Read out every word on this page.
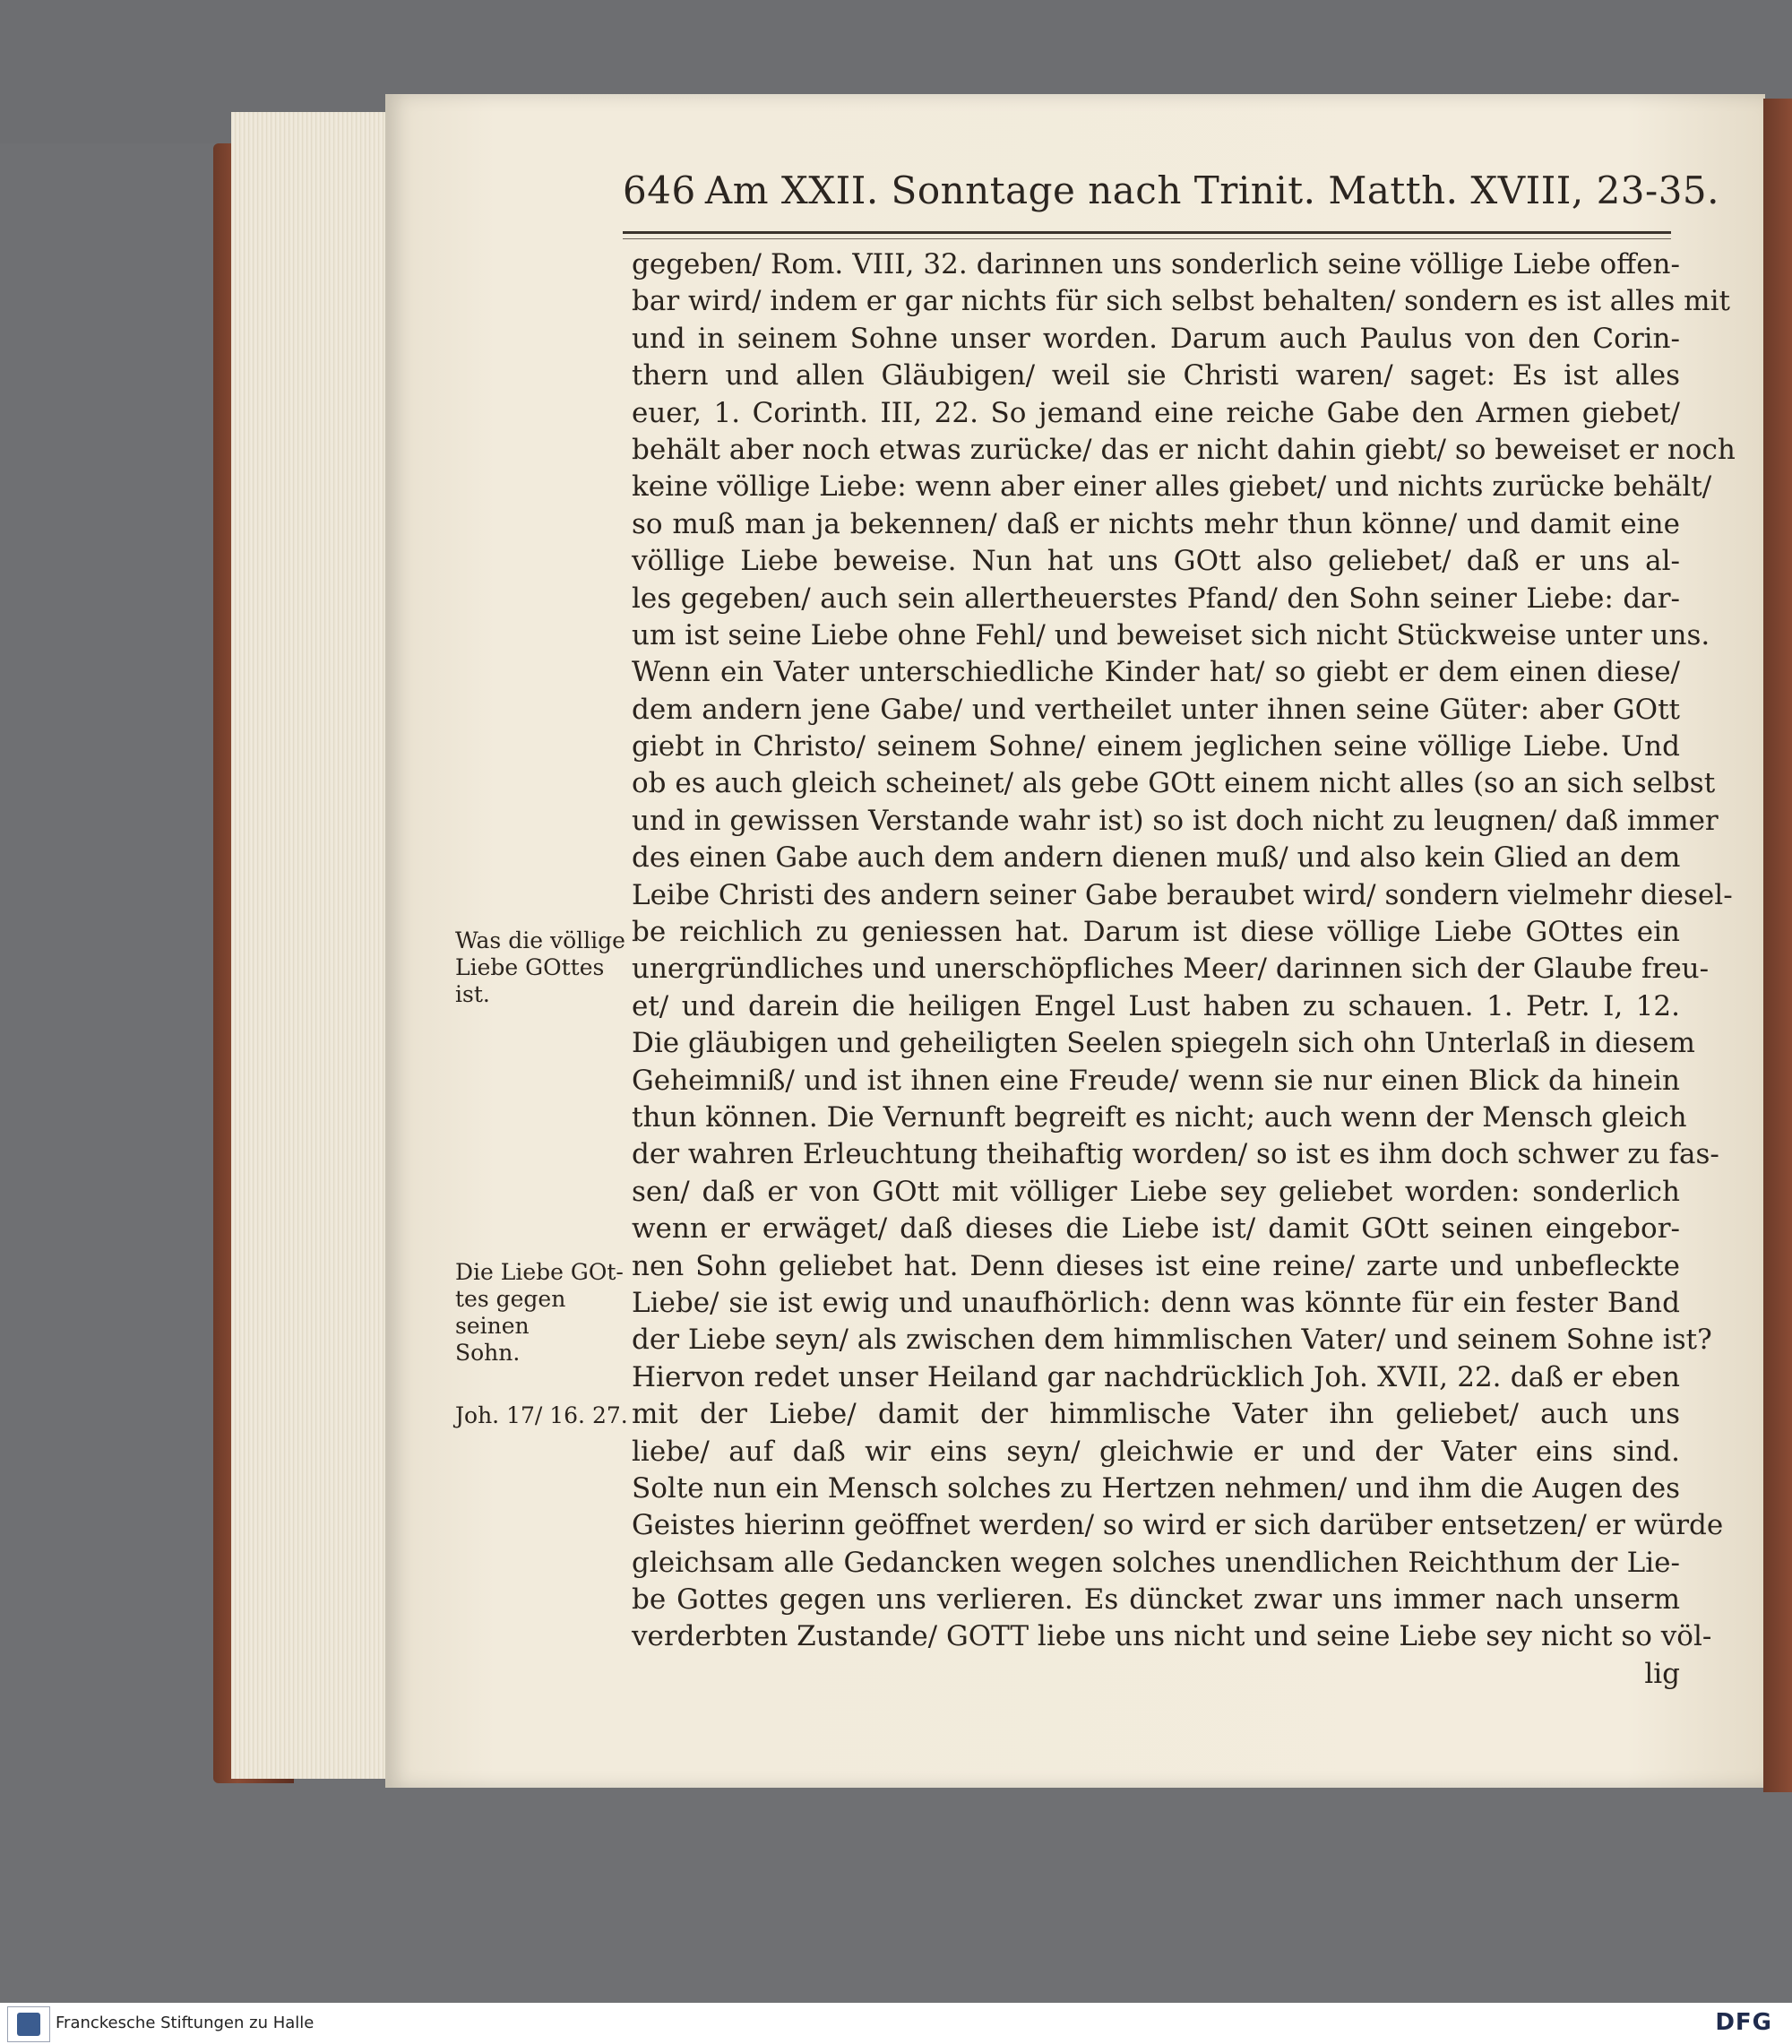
646 Am XXII. Sonntage nach Trinit. Matth. XVIII, 23-35.
gegeben/ Rom. VIII, 32. darinnen uns sonderlich seine völlige Liebe offen-
bar wird/ indem er gar nichts für sich selbst behalten/ sondern es ist alles mit
und in seinem Sohne unser worden. Darum auch Paulus von den Corin-
thern und allen Gläubigen/ weil sie Christi waren/ saget: Es ist alles
euer, 1. Corinth. III, 22. So jemand eine reiche Gabe den Armen giebet/
behält aber noch etwas zurücke/ das er nicht dahin giebt/ so beweiset er noch
keine völlige Liebe: wenn aber einer alles giebet/ und nichts zurücke behält/
so muß man ja bekennen/ daß er nichts mehr thun könne/ und damit eine
völlige Liebe beweise. Nun hat uns GOtt also geliebet/ daß er uns al-
les gegeben/ auch sein allertheuerstes Pfand/ den Sohn seiner Liebe: dar-
um ist seine Liebe ohne Fehl/ und beweiset sich nicht Stückweise unter uns.
Wenn ein Vater unterschiedliche Kinder hat/ so giebt er dem einen diese/
dem andern jene Gabe/ und vertheilet unter ihnen seine Güter: aber GOtt
giebt in Christo/ seinem Sohne/ einem jeglichen seine völlige Liebe. Und
ob es auch gleich scheinet/ als gebe GOtt einem nicht alles (so an sich selbst
und in gewissen Verstande wahr ist) so ist doch nicht zu leugnen/ daß immer
des einen Gabe auch dem andern dienen muß/ und also kein Glied an dem
Leibe Christi des andern seiner Gabe beraubet wird/ sondern vielmehr diesel-
be reichlich zu geniessen hat. Darum ist diese völlige Liebe GOttes ein
unergründliches und unerschöpfliches Meer/ darinnen sich der Glaube freu-
et/ und darein die heiligen Engel Lust haben zu schauen. 1. Petr. I, 12.
Die gläubigen und geheiligten Seelen spiegeln sich ohn Unterlaß in diesem
Geheimniß/ und ist ihnen eine Freude/ wenn sie nur einen Blick da hinein
thun können. Die Vernunft begreift es nicht; auch wenn der Mensch gleich
der wahren Erleuchtung theihaftig worden/ so ist es ihm doch schwer zu fas-
sen/ daß er von GOtt mit völliger Liebe sey geliebet worden: sonderlich
wenn er erwäget/ daß dieses die Liebe ist/ damit GOtt seinen eingebor-
nen Sohn geliebet hat. Denn dieses ist eine reine/ zarte und unbefleckte
Liebe/ sie ist ewig und unaufhörlich: denn was könnte für ein fester Band
der Liebe seyn/ als zwischen dem himmlischen Vater/ und seinem Sohne ist?
Hiervon redet unser Heiland gar nachdrücklich Joh. XVII, 22. daß er eben
mit der Liebe/ damit der himmlische Vater ihn geliebet/ auch uns
liebe/ auf daß wir eins seyn/ gleichwie er und der Vater eins sind.
Solte nun ein Mensch solches zu Hertzen nehmen/ und ihm die Augen des
Geistes hierinn geöffnet werden/ so wird er sich darüber entsetzen/ er würde
gleichsam alle Gedancken wegen solches unendlichen Reichthum der Lie-
be Gottes gegen uns verlieren. Es düncket zwar uns immer nach unserm
verderbten Zustande/ GOTT liebe uns nicht und seine Liebe sey nicht so völ-
lig
Was die völlige
Liebe GOttes
ist.
Die Liebe GOt-
tes gegen seinen
Sohn.
Joh. 17/ 16. 27.
Franckesche Stiftungen zu Halle	DFG
